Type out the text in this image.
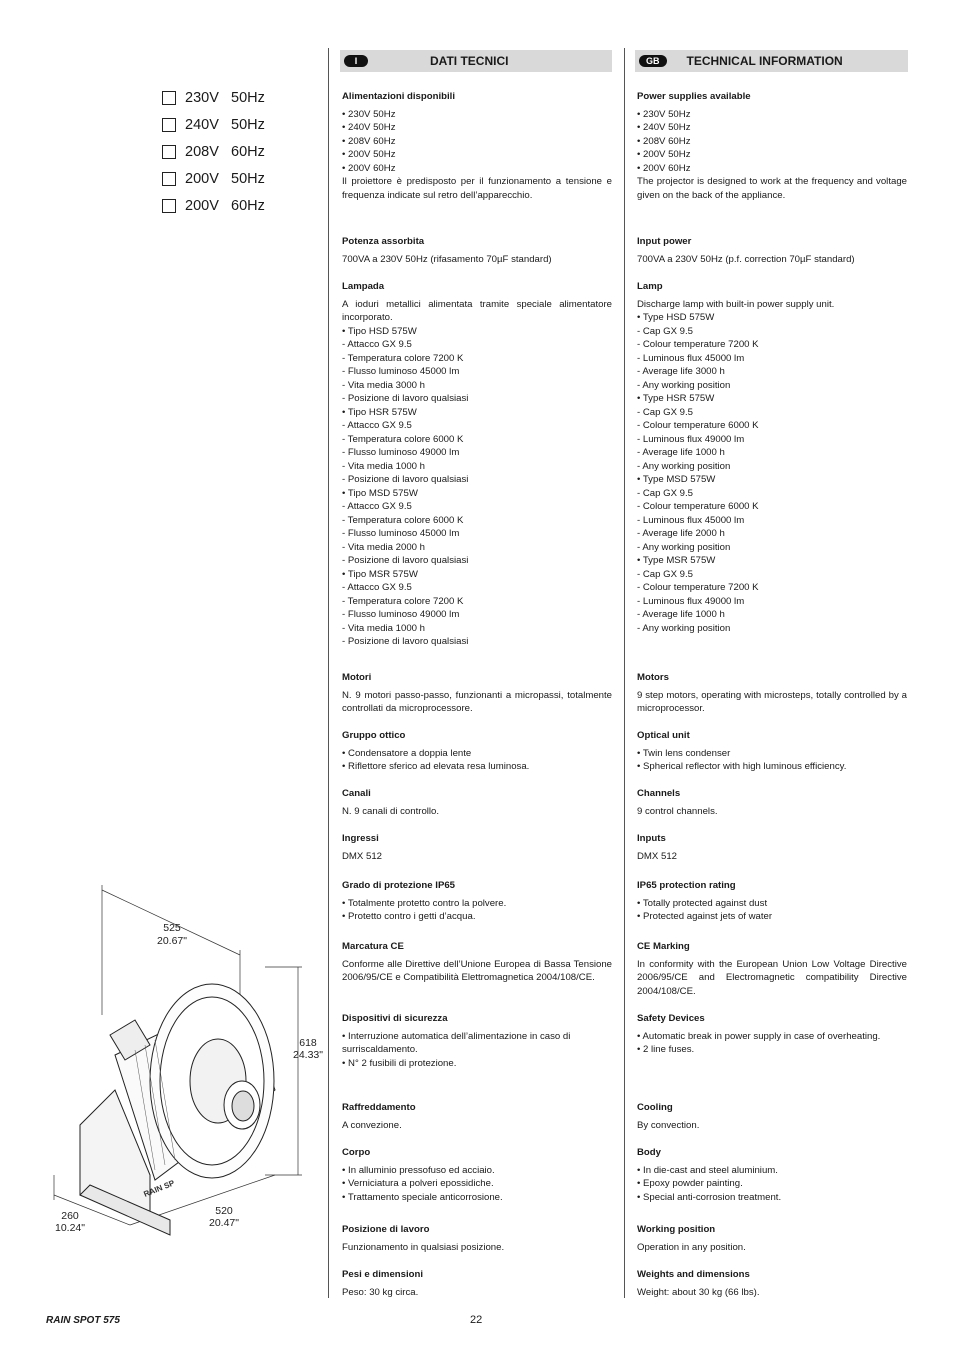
230V 50Hz
240V 50Hz
208V 60Hz
200V 50Hz
200V 60Hz
I	DATI TECNICI	GB	TECHNICAL INFORMATION
Alimentazioni disponibili
• 230V 50Hz
• 240V 50Hz
• 208V 60Hz
• 200V 50Hz
• 200V 60Hz

Il proiettore è predisposto per il funzionamento a tensione e frequenza indicate sul retro dell’apparecchio.

Potenza assorbita

700VA a 230V 50Hz (rifasamento 70µF standard)

Lampada

A ioduri metallici alimentata tramite speciale alimentatore incorporato.

• Tipo HSD 575W
- Attacco GX 9.5
- Temperatura colore 7200 K
- Flusso luminoso 45000 lm
- Vita media 3000 h
- Posizione di lavoro qualsiasi
• Tipo HSR 575W
- Attacco GX 9.5
- Temperatura colore 6000 K
- Flusso luminoso 49000 lm
- Vita media 1000 h
- Posizione di lavoro qualsiasi
• Tipo MSD 575W
- Attacco GX 9.5
- Temperatura colore 6000 K
- Flusso luminoso 45000 lm
- Vita media 2000 h
- Posizione di lavoro qualsiasi
• Tipo MSR 575W
- Attacco GX 9.5
- Temperatura colore 7200 K
- Flusso luminoso 49000 lm
- Vita media 1000 h
- Posizione di lavoro qualsiasi
Motori

N. 9 motori passo-passo, funzionanti a micropassi, totalmente controllati da microprocessore.

Gruppo ottico
• Condensatore a doppia lente
• Riflettore sferico ad elevata resa luminosa.
Canali

N. 9 canali di controllo.

Ingressi

DMX 512

Grado di protezione IP65
• Totalmente protetto contro la polvere.
• Protetto contro i getti d’acqua.
Marcatura CE

Conforme alle Direttive dell’Unione Europea di Bassa Tensione 2006/95/CE e Compatibilità Elettromagnetica 2004/108/CE.

Dispositivi di sicurezza
• Interruzione automatica dell’alimentazione in caso di surriscaldamento.
• N° 2 fusibili di protezione.
Raffreddamento

A convezione.

Corpo
• In alluminio pressofuso ed acciaio.
• Verniciatura a polveri epossidiche.
• Trattamento speciale anticorrosione.
Posizione di lavoro

Funzionamento in qualsiasi posizione.

Pesi e dimensioni

Peso: 30 kg circa.

Power supplies available
• 230V 50Hz
• 240V 50Hz
• 208V 60Hz
• 200V 50Hz
• 200V 60Hz

The projector is designed to work at the frequency and voltage given on the back of the appliance.

Input power

700VA a 230V 50Hz (p.f. correction 70µF standard)

Lamp

Discharge lamp with built-in power supply unit.

• Type HSD 575W
- Cap GX 9.5
- Colour temperature 7200 K
- Luminous flux 45000 lm
- Average life 3000 h
- Any working position
• Type HSR 575W
- Cap GX 9.5
- Colour temperature 6000 K
- Luminous flux 49000 lm
- Average life 1000 h
- Any working position
• Type MSD 575W
- Cap GX 9.5
- Colour temperature 6000 K
- Luminous flux 45000 lm
- Average life 2000 h
- Any working position
• Type MSR 575W
- Cap GX 9.5
- Colour temperature 7200 K
- Luminous flux 49000 lm
- Average life 1000 h
- Any working position
Motors

9 step motors, operating with microsteps, totally controlled by a microprocessor.

Optical unit
• Twin lens condenser
• Spherical reflector with high luminous efficiency.
Channels

9 control channels.

Inputs

DMX 512

IP65 protection rating
• Totally protected against dust
• Protected against jets of water
CE Marking

In conformity with the European Union Low Voltage Directive 2006/95/CE and Electromagnetic compatibility Directive 2004/108/CE.

Safety Devices
• Automatic break in power supply in case of overheating.
• 2 line fuses.
Cooling

By convection.

Body
• In die-cast and steel aluminium.
• Epoxy powder painting.
• Special anti-corrosion treatment.
Working position

Operation in any position.

Weights and dimensions

Weight: about 30 kg (66 lbs).

525
20.67"
618
24.33"
520
20.47"
260
10.24"
RAIN SP
RAIN SPOT 575	22
